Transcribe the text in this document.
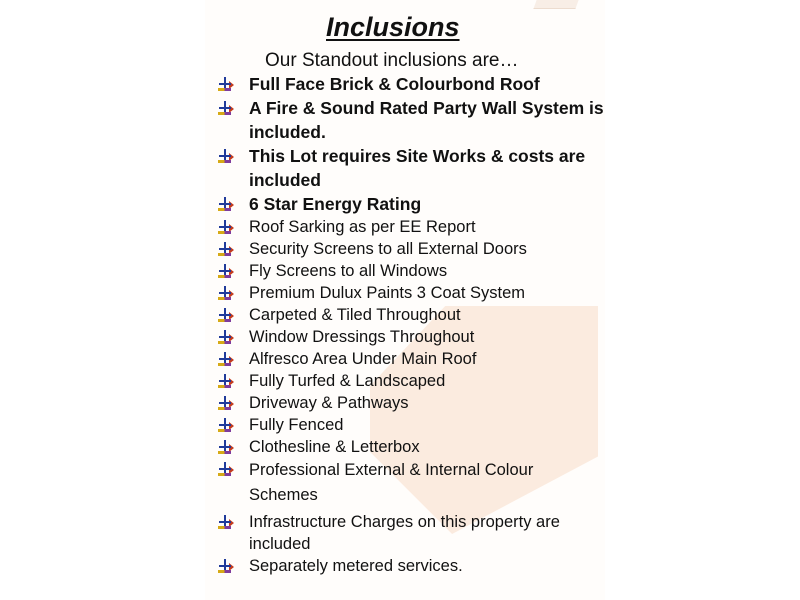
Inclusions
Our Standout inclusions are…
Full Face Brick & Colourbond Roof
A Fire & Sound Rated Party Wall System is included.
This Lot requires Site Works & costs are included
6 Star Energy Rating
Roof Sarking as per EE Report
Security Screens to all External Doors
Fly Screens to all Windows
Premium Dulux Paints 3 Coat System
Carpeted & Tiled Throughout
Window Dressings Throughout
Alfresco Area Under Main Roof
Fully Turfed & Landscaped
Driveway & Pathways
Fully Fenced
Clothesline & Letterbox
Professional External & Internal Colour Schemes
Infrastructure Charges on this property are included
Separately metered services.
